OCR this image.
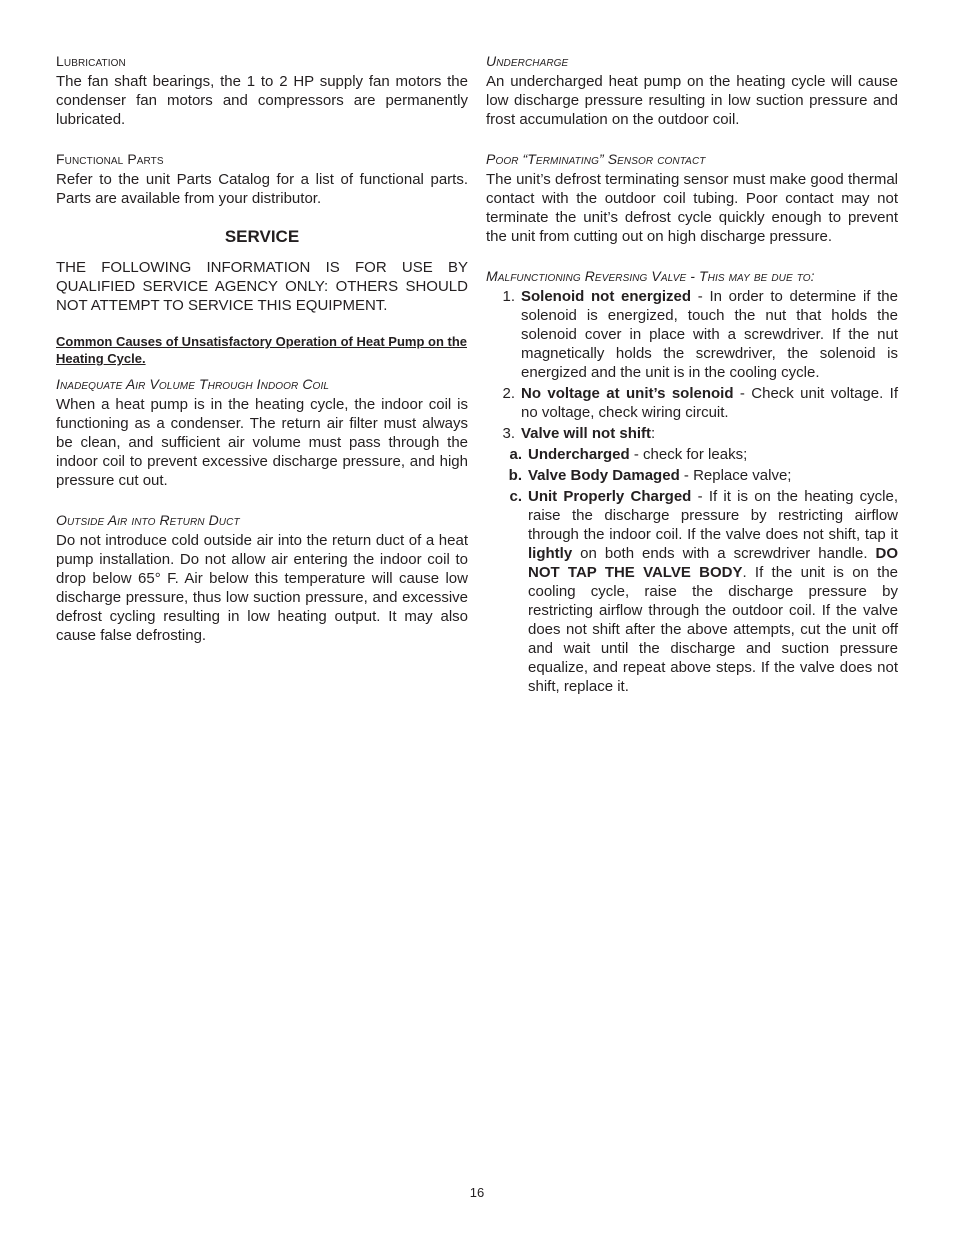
Lubrication

The fan shaft bearings, the 1 to 2 HP supply fan motors the condenser fan motors and compressors are permanently lubricated.

Functional Parts

Refer to the unit Parts Catalog for a list of functional parts. Parts are available from your distributor.

SERVICE

THE FOLLOWING INFORMATION IS FOR USE BY QUALIFIED SERVICE AGENCY ONLY: OTHERS SHOULD NOT ATTEMPT TO SERVICE THIS EQUIPMENT.

Common Causes of Unsatisfactory Operation of Heat Pump on the Heating Cycle.
Inadequate Air Volume Through Indoor Coil

When a heat pump is in the heating cycle, the indoor coil is functioning as a condenser. The return air filter must always be clean, and sufficient air volume must pass through the indoor coil to prevent excessive discharge pressure, and high pressure cut out.

Outside Air into Return Duct

Do not introduce cold outside air into the return duct of a heat pump installation. Do not allow air entering the indoor coil to drop below 65° F. Air below this temperature will cause low discharge pressure, thus low suction pressure, and excessive defrost cycling resulting in low heating output. It may also cause false defrosting.

Undercharge

An undercharged heat pump on the heating cycle will cause low discharge pressure resulting in low suction pressure and frost accumulation on the outdoor coil.

Poor “Terminating” Sensor contact

The unit’s defrost terminating sensor must make good thermal contact with the outdoor coil tubing. Poor contact may not terminate the unit’s defrost cycle quickly enough to prevent the unit from cutting out on high discharge pressure.

Malfunctioning Reversing Valve - This may be due to:
1. Solenoid not energized - In order to determine if the solenoid is energized, touch the nut that holds the solenoid cover in place with a screwdriver. If the nut magnetically holds the screwdriver, the solenoid is energized and the unit is in the cooling cycle.
2. No voltage at unit’s solenoid - Check unit voltage. If no voltage, check wiring circuit.
3. Valve will not shift:
a. Undercharged - check for leaks;
b. Valve Body Damaged - Replace valve;
c. Unit Properly Charged - If it is on the heating cycle, raise the discharge pressure by restricting airflow through the indoor coil. If the valve does not shift, tap it lightly on both ends with a screwdriver handle. DO NOT TAP THE VALVE BODY. If the unit is on the cooling cycle, raise the discharge pressure by restricting airflow through the outdoor coil. If the valve does not shift after the above attempts, cut the unit off and wait until the discharge and suction pressure equalize, and repeat above steps. If the valve does not shift, replace it.
16
